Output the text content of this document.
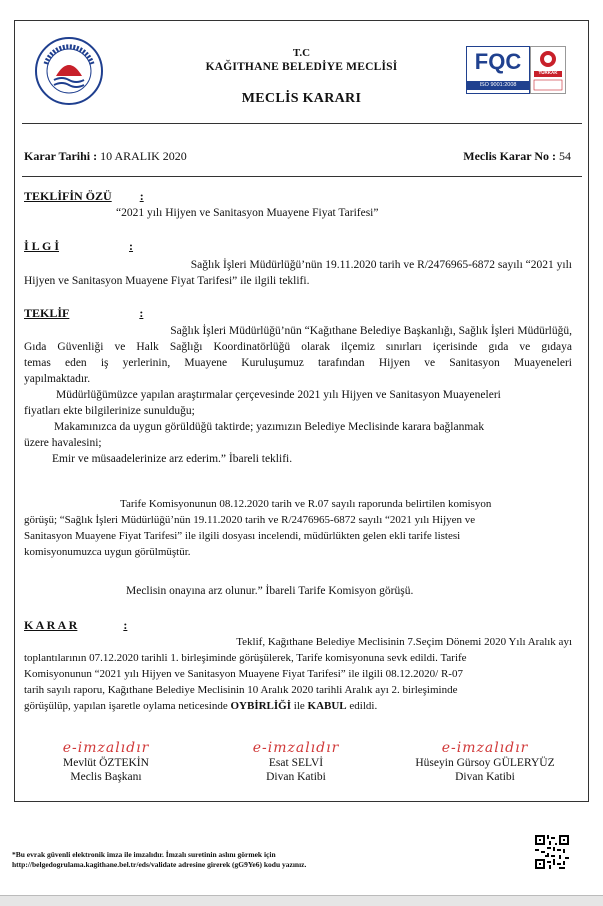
T.C
KAĞITHANE BELEDİYE MECLİSİ
MECLİS KARARI
FQC
ISO 9001:2008
TÜRKAK
Karar Tarihi : 10 ARALIK 2020	Meclis Karar No : 54
TEKLİFİN ÖZÜ :
“2021 yılı Hijyen ve Sanitasyon Muayene Fiyat Tarifesi”
İ L G İ	:
Sağlık İşleri Müdürlüğü’nün 19.11.2020 tarih ve R/2476965-6872 sayılı “2021 yılı
Hijyen ve Sanitasyon Muayene Fiyat Tarifesi” ile ilgili teklifi.
TEKLİF	:
Sağlık İşleri Müdürlüğü’nün “Kağıthane Belediye Başkanlığı, Sağlık İşleri Müdürlüğü,
Gıda Güvenliği ve Halk Sağlığı Koordinatörlüğü olarak ilçemiz sınırları içerisinde gıda ve gıdaya
temas eden iş yerlerinin, Muayene Kuruluşumuz tarafından Hijyen ve Sanitasyon Muayeneleri
yapılmaktadır.
Müdürlüğümüzce yapılan araştırmalar çerçevesinde 2021 yılı Hijyen ve Sanitasyon Muayeneleri
fiyatları ekte bilgilerinize sunulduğu;
Makamınızca da uygun görüldüğü taktirde; yazımızın Belediye Meclisinde karara bağlanmak
üzere havalesini;
Emir ve müsaadelerinize arz ederim.” İbareli teklifi.
Tarife Komisyonunun 08.12.2020 tarih ve R.07 sayılı raporunda belirtilen komisyon
görüşü; “Sağlık İşleri Müdürlüğü’nün 19.11.2020 tarih ve R/2476965-6872 sayılı “2021 yılı Hijyen ve
Sanitasyon Muayene Fiyat Tarifesi” ile ilgili dosyası incelendi, müdürlükten gelen ekli tarife listesi
komisyonumuzca uygun görülmüştür.
Meclisin onayına arz olunur.” İbareli Tarife Komisyon görüşü.
K A R A R	:
Teklif, Kağıthane Belediye Meclisinin 7.Seçim Dönemi 2020 Yılı Aralık ayı
toplantılarının 07.12.2020 tarihli 1. birleşiminde görüşülerek, Tarife komisyonuna sevk edildi. Tarife
Komisyonunun “2021 yılı Hijyen ve Sanitasyon Muayene Fiyat Tarifesi” ile ilgili 08.12.2020/ R-07
tarih sayılı raporu, Kağıthane Belediye Meclisinin 10 Aralık 2020 tarihli Aralık ayı 2. birleşiminde
görüşülüp, yapılan işaretle oylama neticesinde OYBİRLİĞİ ile KABUL edildi.
e-imzalıdır
Mevlüt ÖZTEKİN
Meclis Başkanı
e-imzalıdır
Esat SELVİ
Divan Katibi
e-imzalıdır
Hüseyin Gürsoy GÜLERYÜZ
Divan Katibi
*Bu evrak güvenli elektronik imza ile imzalıdır. İmzalı suretinin aslını görmek için
http://belgedogrulama.kagithane.bel.tr/eds/validate adresine girerek (gG9Ye6) kodu yazınız.
